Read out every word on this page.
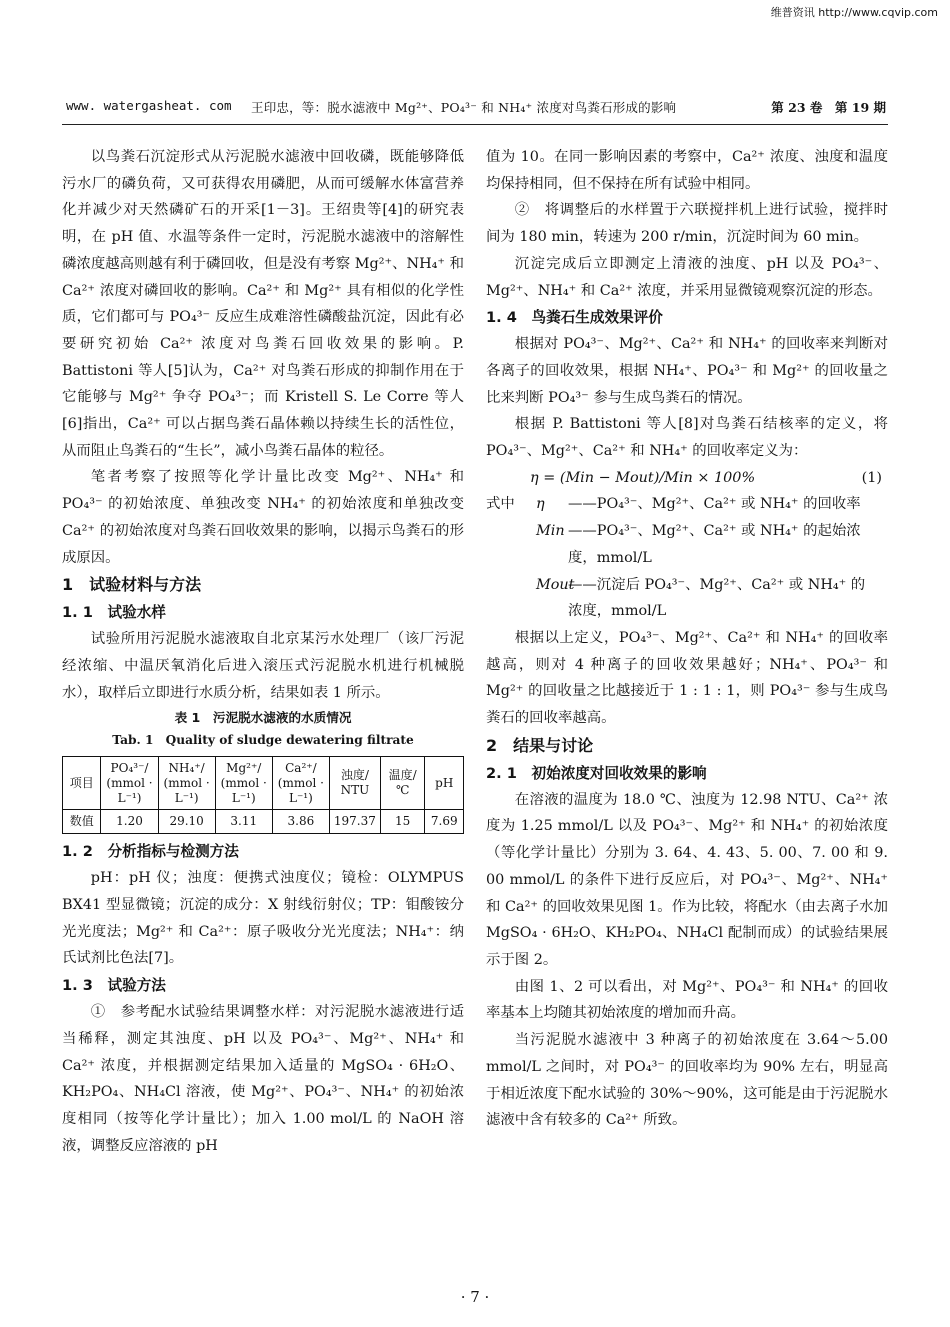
维普资讯 http://www.cqvip.com
www. watergasheat. com 王印忠，等：脱水滤液中 Mg²⁺、PO₄³⁻ 和 NH₄⁺ 浓度对鸟粪石形成的影响	第 23 卷　第 19 期

以鸟粪石沉淀形式从污泥脱水滤液中回收磷，既能够降低污水厂的磷负荷，又可获得农用磷肥，从而可缓解水体富营养化并减少对天然磷矿石的开采[1－3]。王绍贵等[4]的研究表明，在 pH 值、水温等条件一定时，污泥脱水滤液中的溶解性磷浓度越高则越有利于磷回收，但是没有考察 Mg²⁺、NH₄⁺ 和 Ca²⁺ 浓度对磷回收的影响。Ca²⁺ 和 Mg²⁺ 具有相似的化学性质，它们都可与 PO₄³⁻ 反应生成难溶性磷酸盐沉淀，因此有必要研究初始 Ca²⁺ 浓度对鸟粪石回收效果的影响。P. Battistoni 等人[5]认为，Ca²⁺ 对鸟粪石形成的抑制作用在于它能够与 Mg²⁺ 争夺 PO₄³⁻；而 Kristell S. Le Corre 等人[6]指出，Ca²⁺ 可以占据鸟粪石晶体赖以持续生长的活性位，从而阻止鸟粪石的“生长”，减小鸟粪石晶体的粒径。

笔者考察了按照等化学计量比改变 Mg²⁺、NH₄⁺ 和 PO₄³⁻ 的初始浓度、单独改变 NH₄⁺ 的初始浓度和单独改变 Ca²⁺ 的初始浓度对鸟粪石回收效果的影响，以揭示鸟粪石的形成原因。

1　试验材料与方法
1. 1　试验水样

试验所用污泥脱水滤液取自北京某污水处理厂（该厂污泥经浓缩、中温厌氧消化后进入滚压式污泥脱水机进行机械脱水），取样后立即进行水质分析，结果如表 1 所示。

表 1　污泥脱水滤液的水质情况
Tab. 1　Quality of sludge dewatering filtrate
项目	PO₄³⁻/ (mmol · L⁻¹)	NH₄⁺/ (mmol · L⁻¹)	Mg²⁺/ (mmol · L⁻¹)	Ca²⁺/ (mmol · L⁻¹)	浊度/ NTU	温度/ ℃	pH
数值	1.20	29.10	3.11	3.86	197.37	15	7.69
1. 2　分析指标与检测方法

pH：pH 仪；浊度：便携式浊度仪；镜检：OLYMPUS BX41 型显微镜；沉淀的成分：X 射线衍射仪；TP：钼酸铵分光光度法；Mg²⁺ 和 Ca²⁺：原子吸收分光光度法；NH₄⁺：纳氏试剂比色法[7]。

1. 3　试验方法

①　参考配水试验结果调整水样：对污泥脱水滤液进行适当稀释，测定其浊度、pH 以及 PO₄³⁻、Mg²⁺、NH₄⁺ 和 Ca²⁺ 浓度，并根据测定结果加入适量的 MgSO₄ · 6H₂O、KH₂PO₄、NH₄Cl 溶液，使 Mg²⁺、PO₄³⁻、NH₄⁺ 的初始浓度相同（按等化学计量比）；加入 1.00 mol/L 的 NaOH 溶液，调整反应溶液的 pH

值为 10。在同一影响因素的考察中，Ca²⁺ 浓度、浊度和温度均保持相同，但不保持在所有试验中相同。

②　将调整后的水样置于六联搅拌机上进行试验，搅拌时间为 180 min，转速为 200 r/min，沉淀时间为 60 min。

沉淀完成后立即测定上清液的浊度、pH 以及 PO₄³⁻、Mg²⁺、NH₄⁺ 和 Ca²⁺ 浓度，并采用显微镜观察沉淀的形态。

1. 4　鸟粪石生成效果评价

根据对 PO₄³⁻、Mg²⁺、Ca²⁺ 和 NH₄⁺ 的回收率来判断对各离子的回收效果，根据 NH₄⁺、PO₄³⁻ 和 Mg²⁺ 的回收量之比来判断 PO₄³⁻ 参与生成鸟粪石的情况。

根据 P. Battistoni 等人[8]对鸟粪石结核率的定义，将 PO₄³⁻、Mg²⁺、Ca²⁺ 和 NH₄⁺ 的回收率定义为：

η = (Min − Mout)/Min × 100%	(1)
式中	η	——PO₄³⁻、Mg²⁺、Ca²⁺ 或 NH₄⁺ 的回收率
Min ——PO₄³⁻、Mg²⁺、Ca²⁺ 或 NH₄⁺ 的起始浓
度，mmol/L
Mout
——沉淀后 PO₄³⁻、Mg²⁺、Ca²⁺ 或 NH₄⁺ 的
浓度，mmol/L

根据以上定义，PO₄³⁻、Mg²⁺、Ca²⁺ 和 NH₄⁺ 的回收率越高，则对 4 种离子的回收效果越好；NH₄⁺、PO₄³⁻ 和 Mg²⁺ 的回收量之比越接近于 1 : 1 : 1，则 PO₄³⁻ 参与生成鸟粪石的回收率越高。

2　结果与讨论
2. 1　初始浓度对回收效果的影响

在溶液的温度为 18.0 ℃、浊度为 12.98 NTU、Ca²⁺ 浓度为 1.25 mmol/L 以及 PO₄³⁻、Mg²⁺ 和 NH₄⁺ 的初始浓度（等化学计量比）分别为 3. 64、4. 43、5. 00、7. 00 和 9. 00 mmol/L 的条件下进行反应后，对 PO₄³⁻、Mg²⁺、NH₄⁺ 和 Ca²⁺ 的回收效果见图 1。作为比较，将配水（由去离子水加 MgSO₄ · 6H₂O、KH₂PO₄、NH₄Cl 配制而成）的试验结果展示于图 2。

由图 1、2 可以看出，对 Mg²⁺、PO₄³⁻ 和 NH₄⁺ 的回收率基本上均随其初始浓度的增加而升高。

当污泥脱水滤液中 3 种离子的初始浓度在 3.64～5.00 mmol/L 之间时，对 PO₄³⁻ 的回收率均为 90% 左右，明显高于相近浓度下配水试验的 30%～90%，这可能是由于污泥脱水滤液中含有较多的 Ca²⁺ 所致。

· 7 ·
